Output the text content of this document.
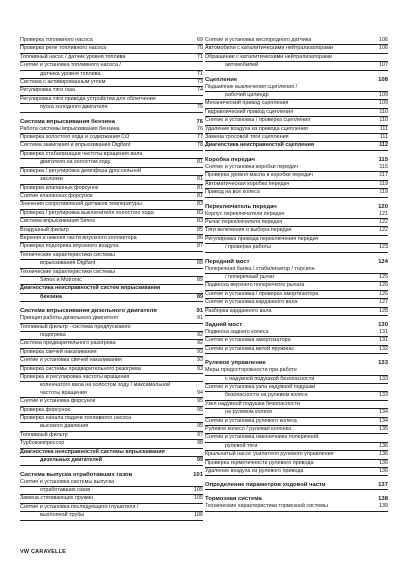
Проверка топливного насоса	69
Проверка реле топливного насоса	70
Топливный насос / датчик уровня топлива	71
Снятие и установка топливного насоса /
датчика уровня топлива	71
Система с активированным углем	73
Регулировка тяги газа	74
Регулировка тяги привода устройства для облегчения
пуска холодного двигателя	75
Система впрыскивания бензина	76
Работа системы впрыскивания бензина	76
Проверка холостого хода и содержания CO	77
Система зажигания и впрыскивания Digifant	78
Проверка стабилизации частоты вращения вала
двигателя на холостом ходу	81
Проверка / регулировка демпфера дроссельной
заслонки	81
Проверка клапанных форсунок	81
Снятие клапанных форсунок	81
Значения сопротивлений датчиков температуры	83
Проверка / регулировка выключателя холостого хода	83
Система впрыскивания Simos	83
Воздушный фильтр	85
Верхняя и нижняя части впускного коллектора	86
Проверка подогрева впускного воздуха	87
Технические характеристики системы
впрыскивания Digifant	88
Технические характеристики системы
Simos и Motronic	89
Диагностика неисправностей систем впрыскивания
бензина	89
Система впрыскивания дизельного двигателя	91
Принцип работы дизельного двигателя	91
Топливный фильтр - система предпускового
подогрева	92
Система предварительного разогрева	92
Проверка свечей накаливания	93
Снятие и установка свечей накаливания	93
Проверка системы предварительного разогрева	93
Проверка и регулировка частоты вращения
коленчатого вала на холостом ходу / максимальной
частоты вращения	94
Снятие и установка форсунок	95
Проверка форсунок	95
Проверка начала подачи топливного насоса
высокого давления	95
Топливный фильтр	97
Турбокомпрессор	98
Диагностика неисправностей системы впрыскивания
дизельных двигателей	99
Система выпуска отработавших газов	101
Снятие и установка системы выпуска
отработавших газов	105
Замена стягивающих пружин	105
Снятие и установка последующего глушителя /
выхлопной трубы	106
Снятие и установка кислородного датчика	106
Автомобили с каталитическими нейтрализаторами	106
Обращение с каталитическими нейтрализаторами
автомобилей	107
Сцепление	108
Подшипник выключения сцепления /
рабочий цилиндр	109
Механический привод сцепления	109
Гидравлический привод сцепления	110
Снятие и установка / проверка сцепления	110
Удаление воздуха из привода сцепления	111
Замена тросовой тяги сцепления	111
Диагностика неисправностей сцепления	112
Коробка передач	115
Снятие и установка коробки передач	115
Проверка уровня масла в коробке передач	117
Автоматическая коробка передач	119
Привод на все колеса	119
Переключатель передач	120
Корпус переключателя передач	121
Рычаг переключателя передач	122
Тяги включения и выбора передач	122
Регулировка привода переключения передач
/ проверка работы	123
Передний мост	124
Поперечная балка / стабилизатор / торсион
/ поперечный рычаг	125
Подвеска верхнего поперечного рычага	126
Снятие и установка / проверка амортизатора	126
Снятие и установка карданного вала	127
Разборка карданного вала	128
Задний мост	130
Подвеска заднего колеса	131
Снятие и установка амортизатора	131
Снятие и установка витой пружины	132
Рулевое управление	133
Меры предосторожности при работе
с надувной подушкой безопасности	133
Снятие и установка узла надувной подушки
безопасности на рулевом колесе	133
Узел надувной подушки безопасности
на рулевом колесе	134
Снятие и установка рулевого колеса	134
Рулевое колесо / рулевая колонка	135
Снятие и установка наконечника поперечной
рулевой тяги	136
Крыльчатый насос усилителя рулевого управления	136
Проверка герметичности рулевого привода	136
Удаление воздуха из рулевого привода	136
Определение параметров ходовой части	137
Тормозная система	138
Технические характеристики тормозной системы	139
VW CARAVELLE
